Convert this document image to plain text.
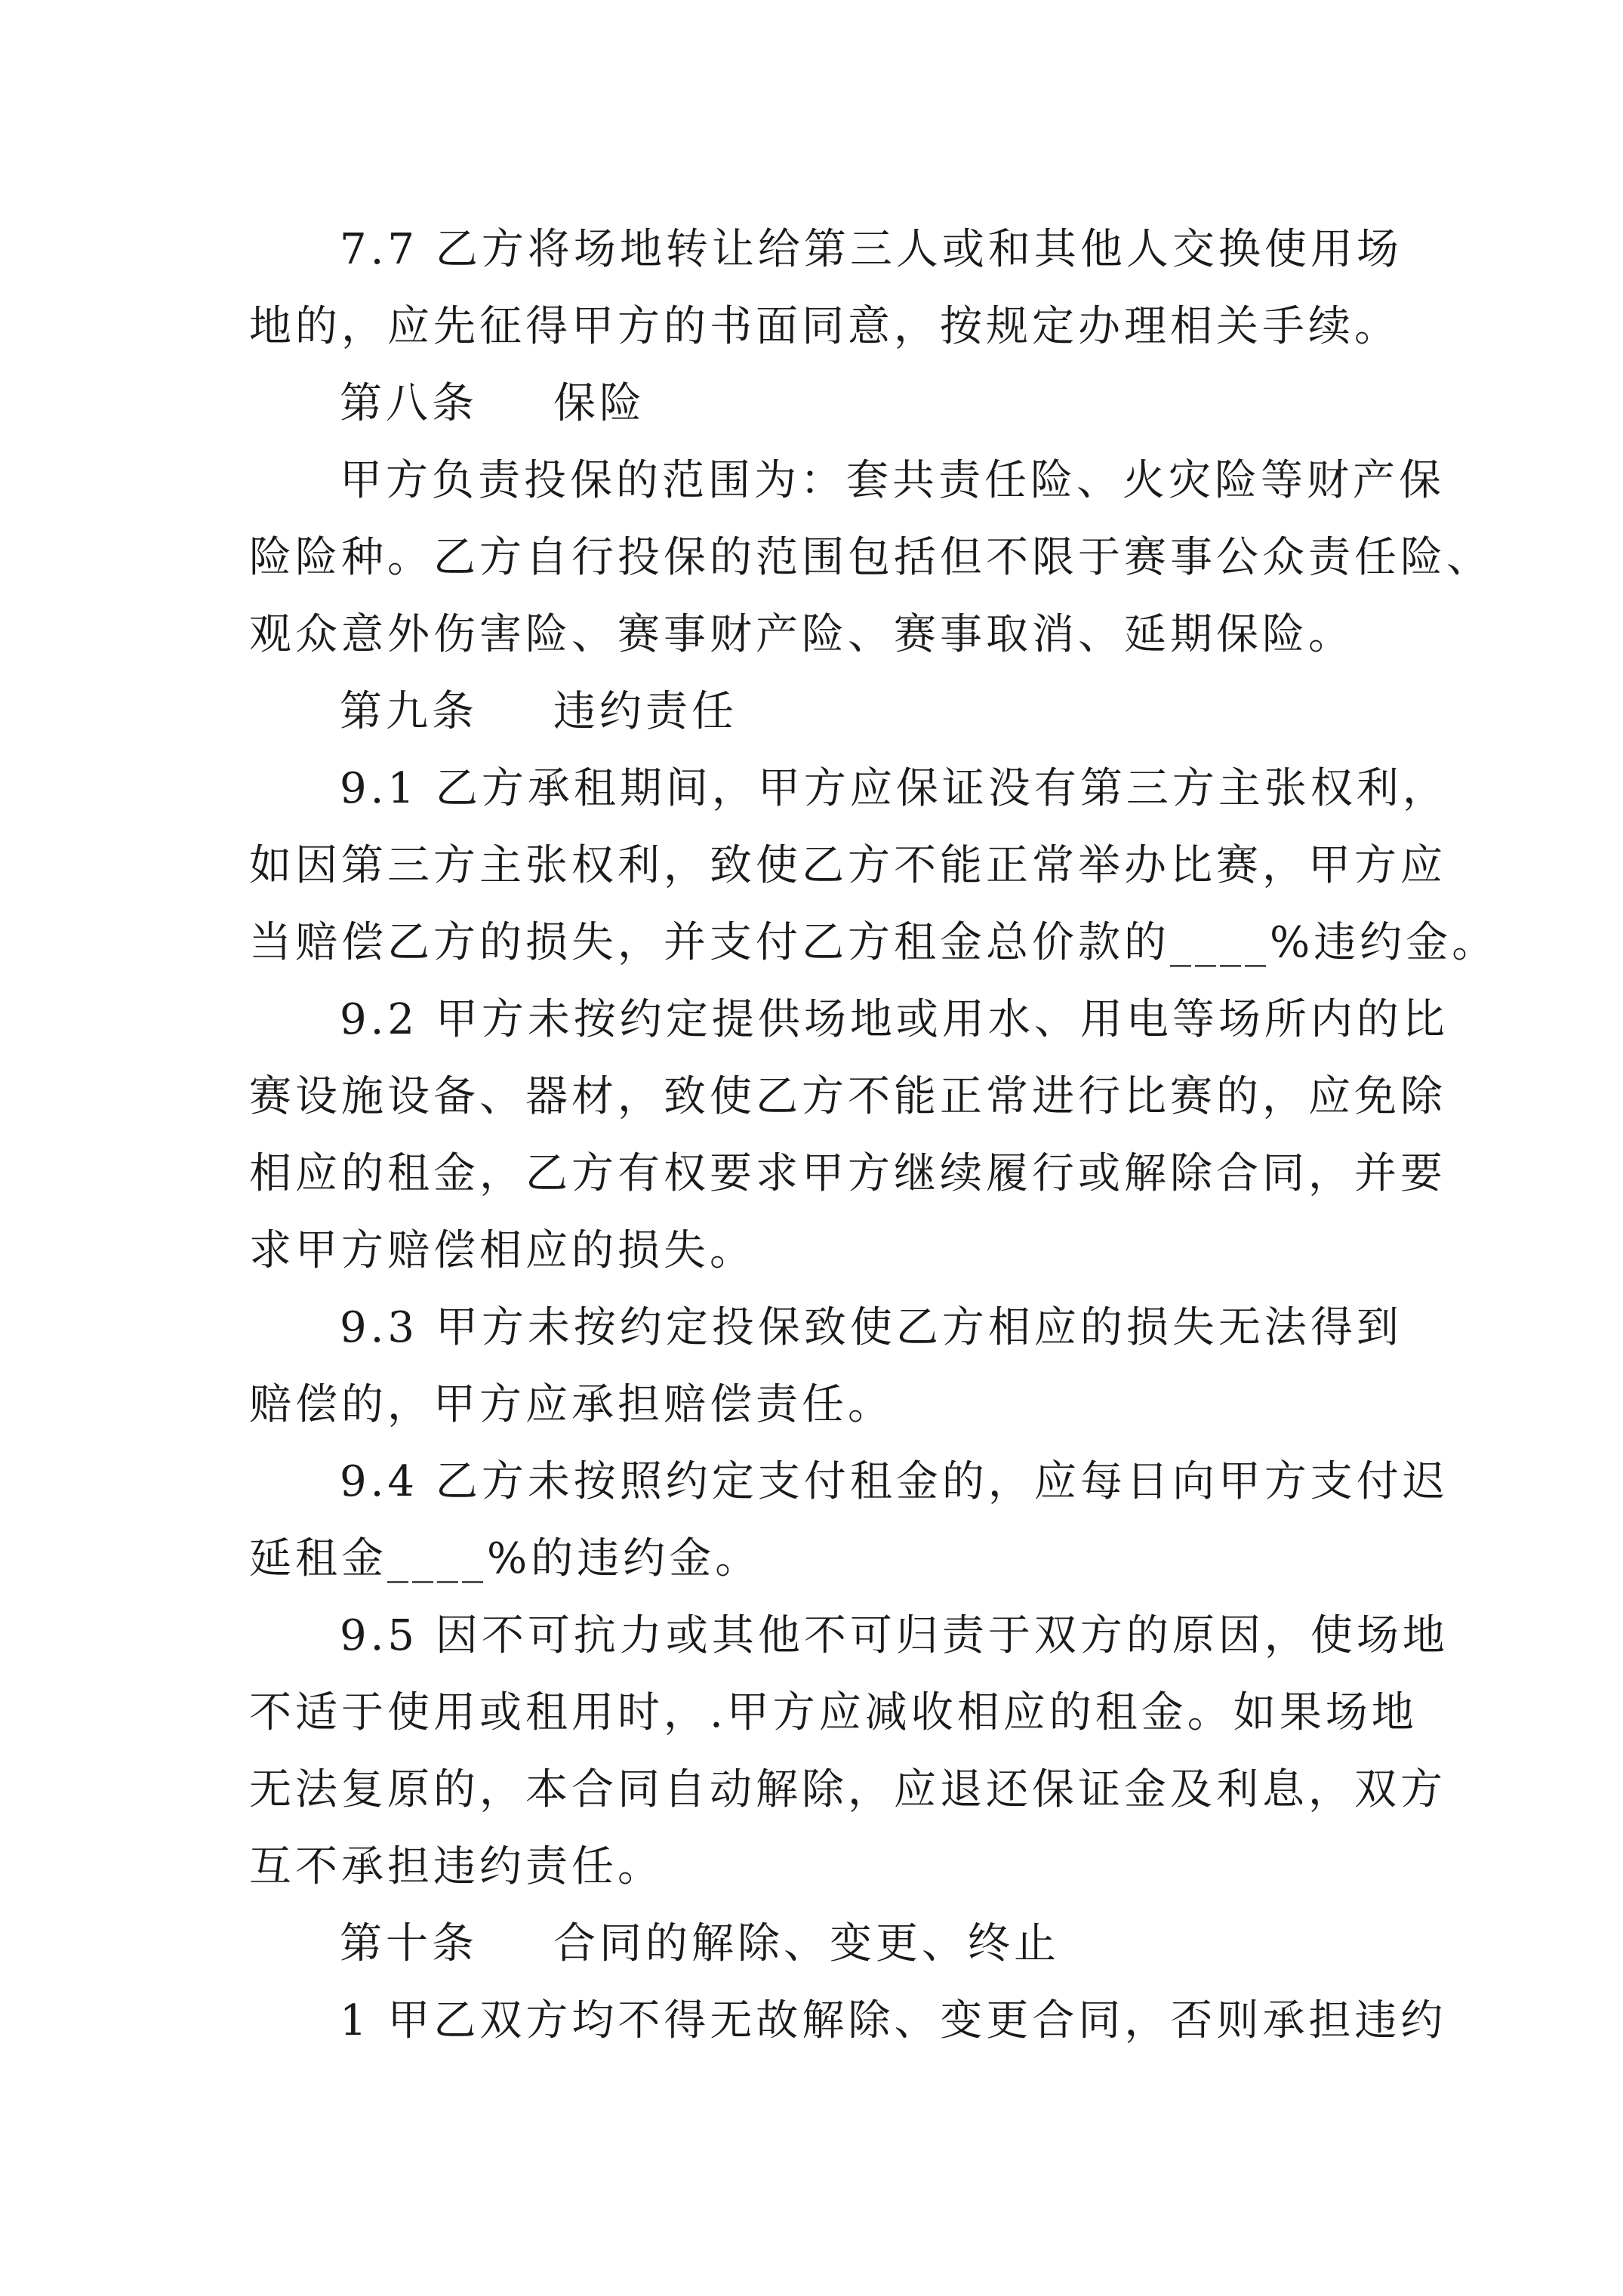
7.7 乙方将场地转让给第三人或和其他人交换使用场
地的，应先征得甲方的书面同意，按规定办理相关手续。
第八条 保险
甲方负责投保的范围为：套共责任险、火灾险等财产保
险险种。乙方自行投保的范围包括但不限于赛事公众责任险、
观众意外伤害险、赛事财产险、赛事取消、延期保险。
第九条 违约责任
9.1 乙方承租期间，甲方应保证没有第三方主张权利，
如因第三方主张权利，致使乙方不能正常举办比赛，甲方应
当赔偿乙方的损失，并支付乙方租金总价款的____%违约金。
9.2 甲方未按约定提供场地或用水、用电等场所内的比
赛设施设备、器材，致使乙方不能正常进行比赛的，应免除
相应的租金，乙方有权要求甲方继续履行或解除合同，并要
求甲方赔偿相应的损失。
9.3 甲方未按约定投保致使乙方相应的损失无法得到
赔偿的，甲方应承担赔偿责任。
9.4 乙方未按照约定支付租金的，应每日向甲方支付迟
延租金____%的违约金。
9.5 因不可抗力或其他不可归责于双方的原因，使场地
不适于使用或租用时，.甲方应减收相应的租金。如果场地
无法复原的，本合同自动解除，应退还保证金及利息，双方
互不承担违约责任。
第十条 合同的解除、变更、终止
1 甲乙双方均不得无故解除、变更合同，否则承担违约
